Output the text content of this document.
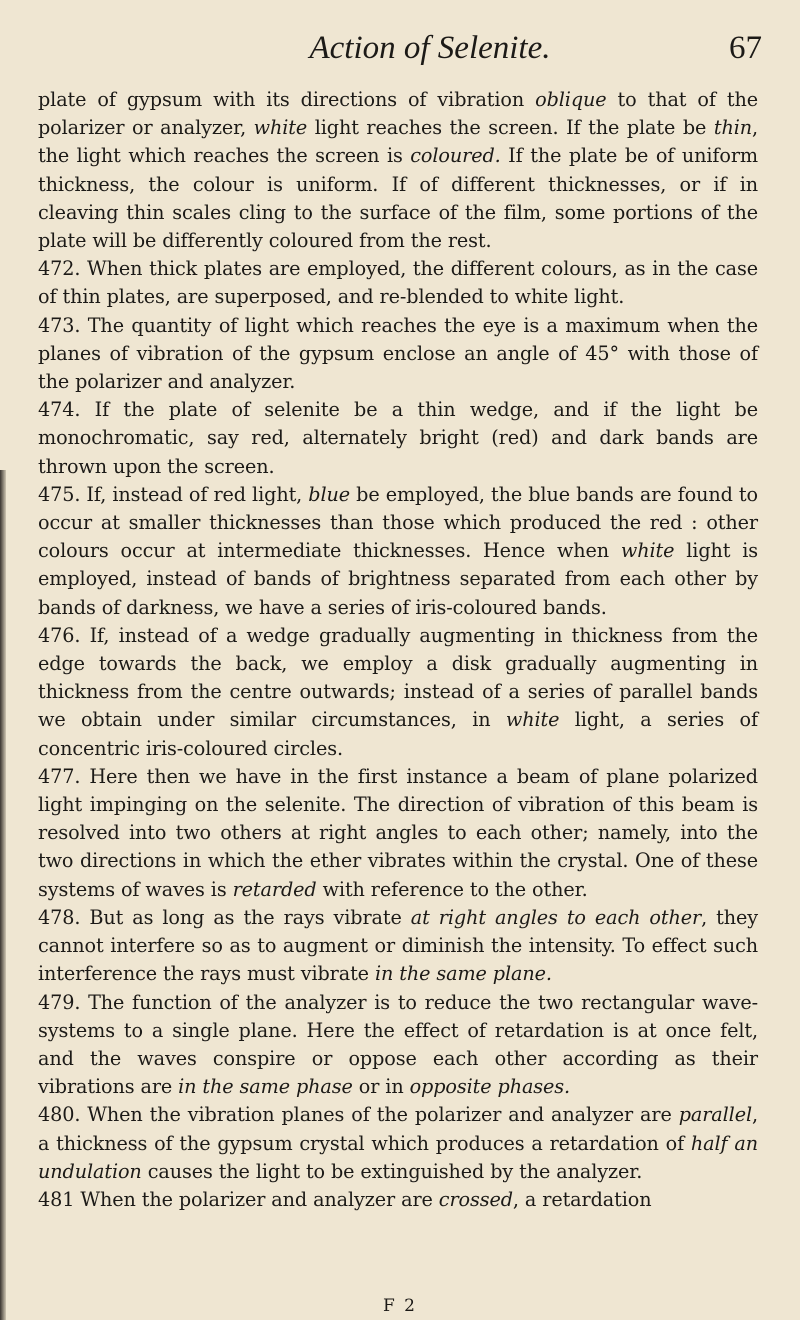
Action of Selenite.	67

plate of gypsum with its directions of vibration oblique to that of the polarizer or analyzer, white light reaches the screen. If the plate be thin, the light which reaches the screen is coloured. If the plate be of uniform thickness, the colour is uniform. If of different thicknesses, or if in cleaving thin scales cling to the surface of the film, some portions of the plate will be differently coloured from the rest.

472. When thick plates are employed, the different colours, as in the case of thin plates, are superposed, and re-blended to white light.

473. The quantity of light which reaches the eye is a maximum when the planes of vibration of the gypsum enclose an angle of 45° with those of the polarizer and analyzer.

474. If the plate of selenite be a thin wedge, and if the light be monochromatic, say red, alternately bright (red) and dark bands are thrown upon the screen.

475. If, instead of red light, blue be employed, the blue bands are found to occur at smaller thicknesses than those which produced the red : other colours occur at intermediate thicknesses. Hence when white light is employed, instead of bands of brightness separated from each other by bands of darkness, we have a series of iris-coloured bands.

476. If, instead of a wedge gradually augmenting in thickness from the edge towards the back, we employ a disk gradually augmenting in thickness from the centre outwards; instead of a series of parallel bands we obtain under similar circumstances, in white light, a series of concentric iris-coloured circles.

477. Here then we have in the first instance a beam of plane polarized light impinging on the selenite. The direction of vibration of this beam is resolved into two others at right angles to each other; namely, into the two directions in which the ether vibrates within the crystal. One of these systems of waves is retarded with reference to the other.

478. But as long as the rays vibrate at right angles to each other, they cannot interfere so as to augment or diminish the intensity. To effect such interference the rays must vibrate in the same plane.

479. The function of the analyzer is to reduce the two rectangular wave-systems to a single plane. Here the effect of retardation is at once felt, and the waves conspire or oppose each other according as their vibrations are in the same phase or in opposite phases.

480. When the vibration planes of the polarizer and analyzer are parallel, a thickness of the gypsum crystal which produces a retardation of half an undulation causes the light to be extinguished by the analyzer.

481 When the polarizer and analyzer are crossed, a retardation

F 2
